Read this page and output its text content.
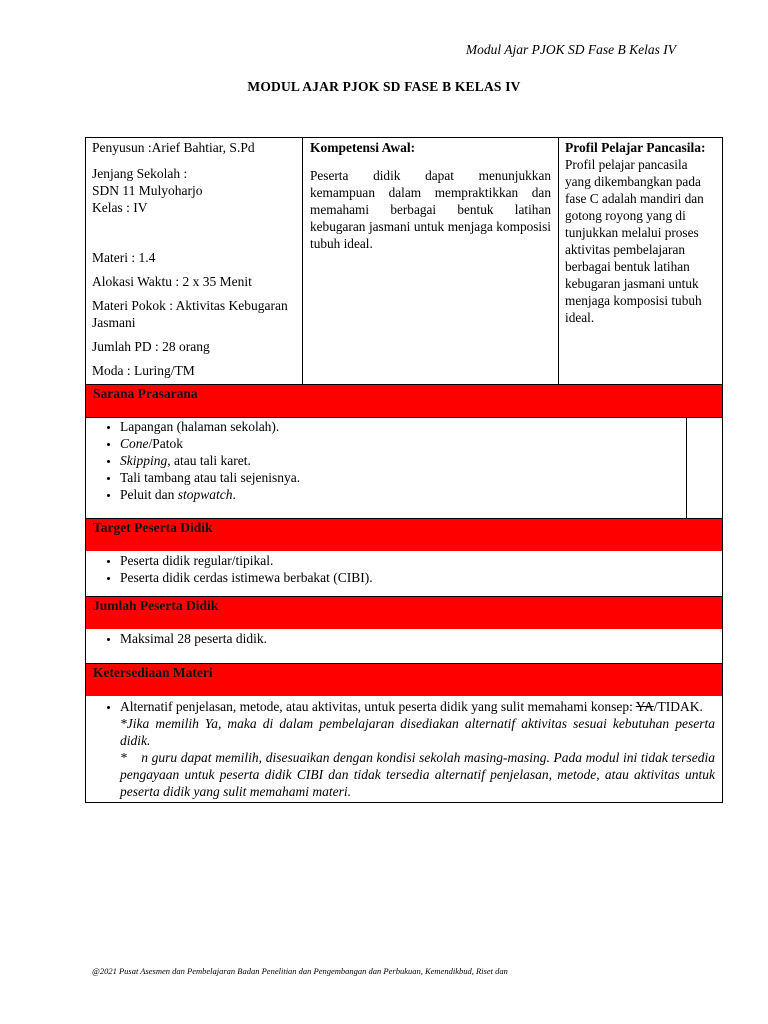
Modul Ajar PJOK SD Fase B Kelas IV
MODUL AJAR PJOK SD FASE B KELAS IV

Penyusun :Arief Bahtiar, S.Pd

Jenjang Sekolah :

SDN 11 Mulyoharjo

Kelas : IV

Materi : 1.4

Alokasi Waktu : 2 x 35 Menit

Materi Pokok : Aktivitas Kebugaran Jasmani

Jumlah PD : 28 orang

Moda : Luring/TM

Kompetensi Awal:
Peserta didik dapat menunjukkan kemampuan dalam mempraktikkan dan memahami berbagai bentuk latihan kebugaran jasmani untuk menjaga komposisi tubuh ideal.
Profil Pelajar Pancasila:
Profil pelajar pancasila yang dikembangkan pada fase C adalah mandiri dan gotong royong yang di tunjukkan melalui proses aktivitas pembelajaran berbagai bentuk latihan kebugaran jasmani untuk menjaga komposisi tubuh ideal.
Sarana Prasarana
• Lapangan (halaman sekolah).
• Cone/Patok
• Skipping, atau tali karet.
• Tali tambang atau tali sejenisnya.
• Peluit dan stopwatch.
Target Peserta Didik
• Peserta didik regular/tipikal.
• Peserta didik cerdas istimewa berbakat (CIBI).
Jumlah Peserta Didik
• Maksimal 28 peserta didik.
Ketersediaan Materi
• Alternatif penjelasan, metode, atau aktivitas, untuk peserta didik yang sulit memahami konsep: YA/TIDAK.
*Jika memilih Ya, maka di dalam pembelajaran disediakan alternatif aktivitas sesuai kebutuhan peserta didik.
*    n guru dapat memilih, disesuaikan dengan kondisi sekolah masing-masing. Pada modul ini tidak tersedia pengayaan untuk peserta didik CIBI dan tidak tersedia alternatif penjelasan, metode, atau aktivitas untuk peserta didik yang sulit memahami materi.
@2021 Pusat Asesmen dan Pembelajaran Badan Penelitian dan Pengembangan dan Perbukuan, Kemendikbud, Riset dan
